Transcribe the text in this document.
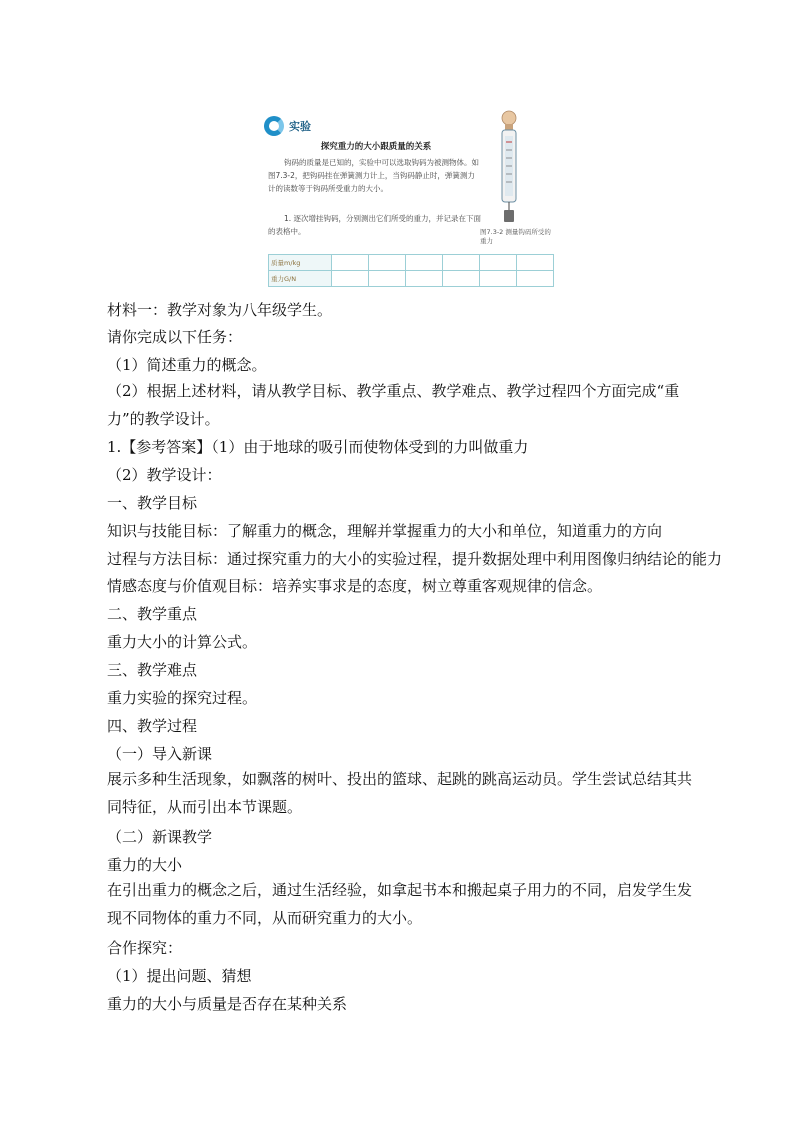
实验
探究重力的大小跟质量的关系
钩码的质量是已知的，实验中可以选取钩码为被测物体。如图7.3-2，把钩码挂在弹簧测力计上，当钩码静止时，弹簧测力计的读数等于钩码所受重力的大小。
1. 逐次增挂钩码，分别测出它们所受的重力，并记录在下面的表格中。	图7.3-2 测量钩码所受的重力
质量m/kg						
重力G/N						
材料一：教学对象为八年级学生。
请你完成以下任务：
（1）简述重力的概念。
（2）根据上述材料，请从教学目标、教学重点、教学难点、教学过程四个方面完成“重力”的教学设计。
1.【参考答案】（1）由于地球的吸引而使物体受到的力叫做重力
（2）教学设计：
一、教学目标
知识与技能目标：了解重力的概念，理解并掌握重力的大小和单位，知道重力的方向
过程与方法目标：通过探究重力的大小的实验过程，提升数据处理中利用图像归纳结论的能力
情感态度与价值观目标：培养实事求是的态度，树立尊重客观规律的信念。
二、教学重点
重力大小的计算公式。
三、教学难点
重力实验的探究过程。
四、教学过程
（一）导入新课
展示多种生活现象，如飘落的树叶、投出的篮球、起跳的跳高运动员。学生尝试总结其共同特征，从而引出本节课题。
（二）新课教学
重力的大小
在引出重力的概念之后，通过生活经验，如拿起书本和搬起桌子用力的不同，启发学生发现不同物体的重力不同，从而研究重力的大小。
合作探究：
（1）提出问题、猜想
重力的大小与质量是否存在某种关系
